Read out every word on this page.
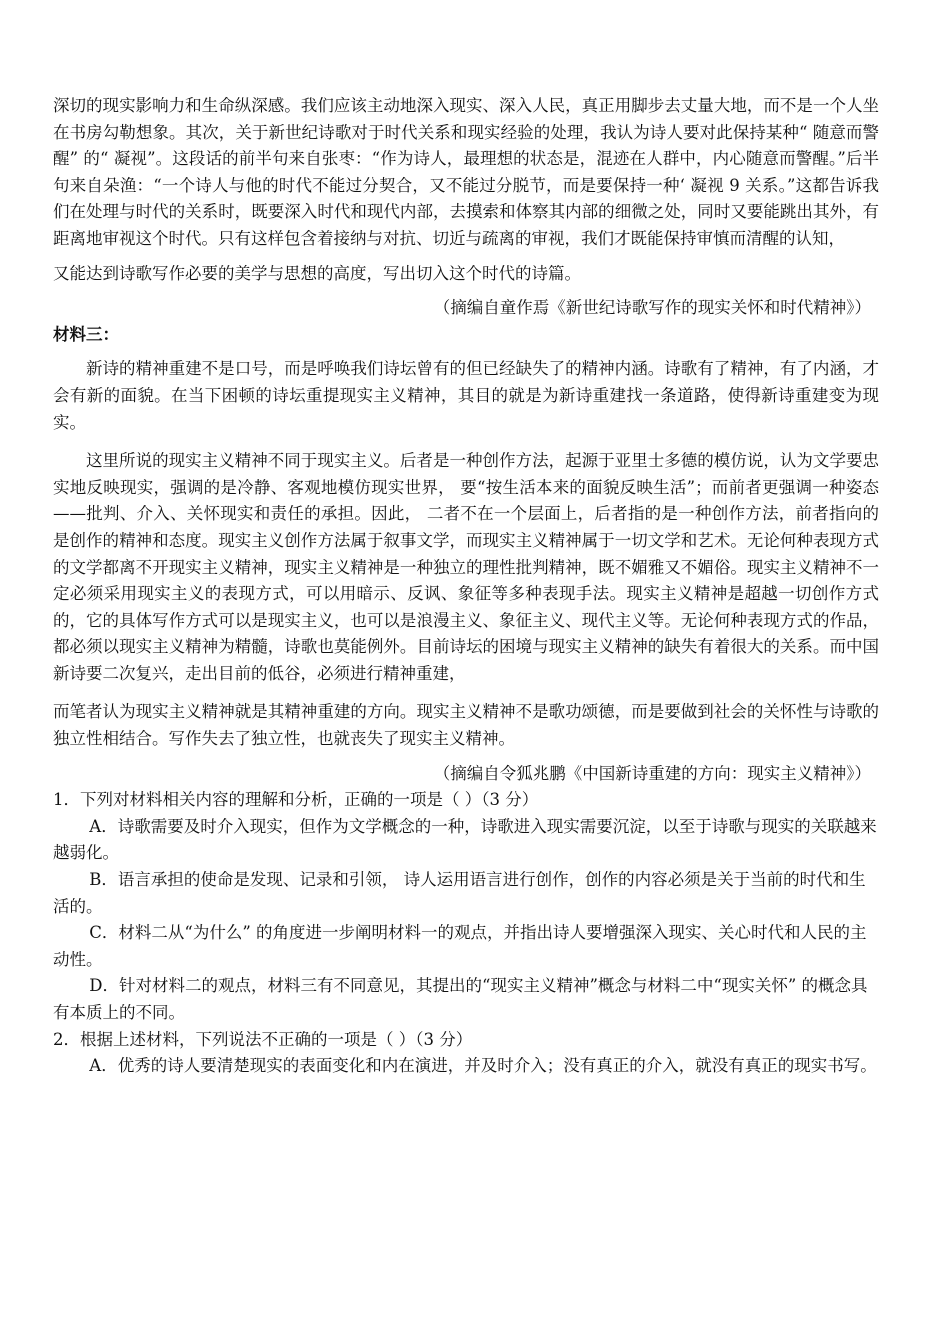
深切的现实影响力和生命纵深感。我们应该主动地深入现实、深入人民，真正用脚步去丈量大地，而不是一个人坐在书房勾勒想象。其次，关于新世纪诗歌对于时代关系和现实经验的处理，我认为诗人要对此保持某种“ 随意而警醒” 的“ 凝视”。这段话的前半句来自张枣：“作为诗人，最理想的状态是，混迹在人群中，内心随意而警醒。”后半句来自朵渔：“一个诗人与他的时代不能过分契合，又不能过分脱节，而是要保持一种‘ 凝视 9 关系。”这都告诉我们在处理与时代的关系时，既要深入时代和现代内部，去摸索和体察其内部的细微之处，同时又要能跳出其外，有距离地审视这个时代。只有这样包含着接纳与对抗、切近与疏离的审视，我们才既能保持审慎而清醒的认知，

又能达到诗歌写作必要的美学与思想的高度，写出切入这个时代的诗篇。

（摘编自童作焉《新世纪诗歌写作的现实关怀和时代精神》）

材料三：

新诗的精神重建不是口号，而是呼唤我们诗坛曾有的但已经缺失了的精神内涵。诗歌有了精神，有了内涵，才会有新的面貌。在当下困顿的诗坛重提现实主义精神，其目的就是为新诗重建找一条道路，使得新诗重建变为现实。

这里所说的现实主义精神不同于现实主义。后者是一种创作方法，起源于亚里士多德的模仿说，认为文学要忠实地反映现实，强调的是冷静、客观地模仿现实世界， 要“按生活本来的面貌反映生活”；而前者更强调一种姿态——批判、介入、关怀现实和责任的承担。因此， 二者不在一个层面上，后者指的是一种创作方法，前者指向的是创作的精神和态度。现实主义创作方法属于叙事文学，而现实主义精神属于一切文学和艺术。无论何种表现方式的文学都离不开现实主义精神，现实主义精神是一种独立的理性批判精神，既不媚雅又不媚俗。现实主义精神不一定必须采用现实主义的表现方式，可以用暗示、反讽、象征等多种表现手法。现实主义精神是超越一切创作方式的，它的具体写作方式可以是现实主义，也可以是浪漫主义、象征主义、现代主义等。无论何种表现方式的作品，都必须以现实主义精神为精髓，诗歌也莫能例外。目前诗坛的困境与现实主义精神的缺失有着很大的关系。而中国新诗要二次复兴，走出目前的低谷，必须进行精神重建，

而笔者认为现实主义精神就是其精神重建的方向。现实主义精神不是歌功颂德，而是要做到社会的关怀性与诗歌的独立性相结合。写作失去了独立性，也就丧失了现实主义精神。

（摘编自令狐兆鹏《中国新诗重建的方向：现实主义精神》）

1．下列对材料相关内容的理解和分析，正确的一项是（ ）（3 分）

A．诗歌需要及时介入现实，但作为文学概念的一种，诗歌进入现实需要沉淀，以至于诗歌与现实的关联越来越弱化。

B．语言承担的使命是发现、记录和引领， 诗人运用语言进行创作，创作的内容必须是关于当前的时代和生活的。

C．材料二从“为什么” 的角度进一步阐明材料一的观点，并指出诗人要增强深入现实、关心时代和人民的主动性。

D．针对材料二的观点，材料三有不同意见，其提出的“现实主义精神”概念与材料二中“现实关怀” 的概念具有本质上的不同。

2．根据上述材料，下列说法不正确的一项是（ ）（3 分）

A．优秀的诗人要清楚现实的表面变化和内在演进，并及时介入；没有真正的介入，就没有真正的现实书写。
